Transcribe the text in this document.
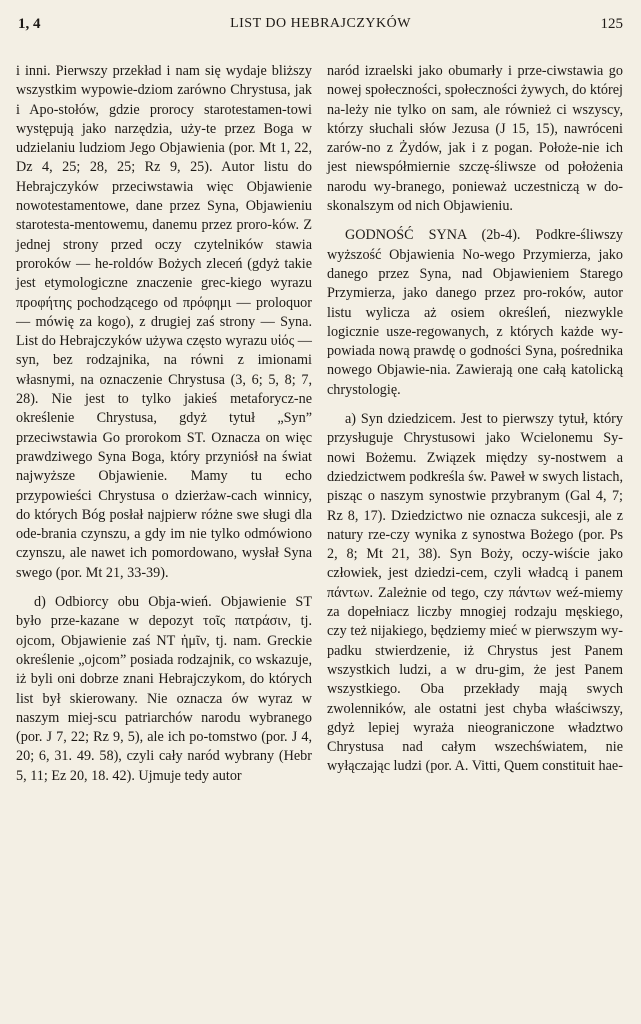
1, 4	LIST DO HEBRAJCZYKÓW	125

i inni. Pierwszy przekład i nam się wydaje bliższy wszystkim wypowie-dziom zarówno Chrystusa, jak i Apo-stołów, gdzie prorocy starotestamen-towi występują jako narzędzia, uży-te przez Boga w udzielaniu ludziom Jego Objawienia (por. Mt 1, 22, Dz 4, 25; 28, 25; Rz 9, 25). Autor listu do Hebrajczyków przeciwstawia więc Objawienie nowotestamentowe, dane przez Syna, Objawieniu starotesta-mentowemu, danemu przez proro-ków. Z jednej strony przed oczy czytelników stawia proroków — he-roldów Bożych zleceń (gdyż takie jest etymologiczne znaczenie grec-kiego wyrazu προφήτης pochodzącego od πρόφημι — proloquor — mówię za kogo), z drugiej zaś strony — Syna. List do Hebrajczyków używa często wyrazu υἱός — syn, bez rodzajnika, na równi z imionami własnymi, na oznaczenie Chrystusa (3, 6; 5, 8; 7, 28). Nie jest to tylko jakieś metaforycz-ne określenie Chrystusa, gdyż tytuł „Syn” przeciwstawia Go prorokom ST. Oznacza on więc prawdziwego Syna Boga, który przyniósł na świat najwyższe Objawienie. Mamy tu echo przypowieści Chrystusa o dzierżaw-cach winnicy, do których Bóg posłał najpierw różne swe sługi dla ode-brania czynszu, a gdy im nie tylko odmówiono czynszu, ale nawet ich pomordowano, wysłał Syna swego (por. Mt 21, 33-39).

d) Odbiorcy obu Obja-wień. Objawienie ST było prze-kazane w depozyt τοῖς πατράσιν, tj. ojcom, Objawienie zaś NT ἡμῖν, tj. nam. Greckie określenie „ojcom” posiada rodzajnik, co wskazuje, iż byli oni dobrze znani Hebrajczykom, do których list był skierowany. Nie oznacza ów wyraz w naszym miej-scu patriarchów narodu wybranego (por. J 7, 22; Rz 9, 5), ale ich po-tomstwo (por. J 4, 20; 6, 31. 49. 58), czyli cały naród wybrany (Hebr 5, 11; Ez 20, 18. 42). Ujmuje tedy autor

naród izraelski jako obumarły i prze-ciwstawia go nowej społeczności, społeczności żywych, do której na-leży nie tylko on sam, ale również ci wszyscy, którzy słuchali słów Jezusa (J 15, 15), nawróceni zarów-no z Żydów, jak i z pogan. Położe-nie ich jest niewspółmiernie szczę-śliwsze od położenia narodu wy-branego, ponieważ uczestniczą w do-skonalszym od nich Objawieniu.

GODNOŚĆ SYNA (2b-4). Podkre-śliwszy wyższość Objawienia No-wego Przymierza, jako danego przez Syna, nad Objawieniem Starego Przymierza, jako danego przez pro-roków, autor listu wylicza aż osiem określeń, niezwykle logicznie usze-regowanych, z których każde wy-powiada nową prawdę o godności Syna, pośrednika nowego Objawie-nia. Zawierają one całą katolicką chrystologię.

a) Syn dziedzicem. Jest to pierwszy tytuł, który przysługuje Chrystusowi jako Wcielonemu Sy-nowi Bożemu. Związek między sy-nostwem a dziedzictwem podkreśla św. Paweł w swych listach, pisząc o naszym synostwie przybranym (Gal 4, 7; Rz 8, 17). Dziedzictwo nie oznacza sukcesji, ale z natury rze-czy wynika z synostwa Bożego (por. Ps 2, 8; Mt 21, 38). Syn Boży, oczy-wiście jako człowiek, jest dziedzi-cem, czyli władcą i panem πάντων. Zależnie od tego, czy πάντων weź-miemy za dopełniacz liczby mnogiej rodzaju męskiego, czy też nijakiego, będziemy mieć w pierwszym wy-padku stwierdzenie, iż Chrystus jest Panem wszystkich ludzi, a w dru-gim, że jest Panem wszystkiego. Oba przekłady mają swych zwolenników, ale ostatni jest chyba właściwszy, gdyż lepiej wyraża nieograniczone władztwo Chrystusa nad całym wszechświatem, nie wyłączając ludzi (por. A. Vitti, Quem constituit hae-
